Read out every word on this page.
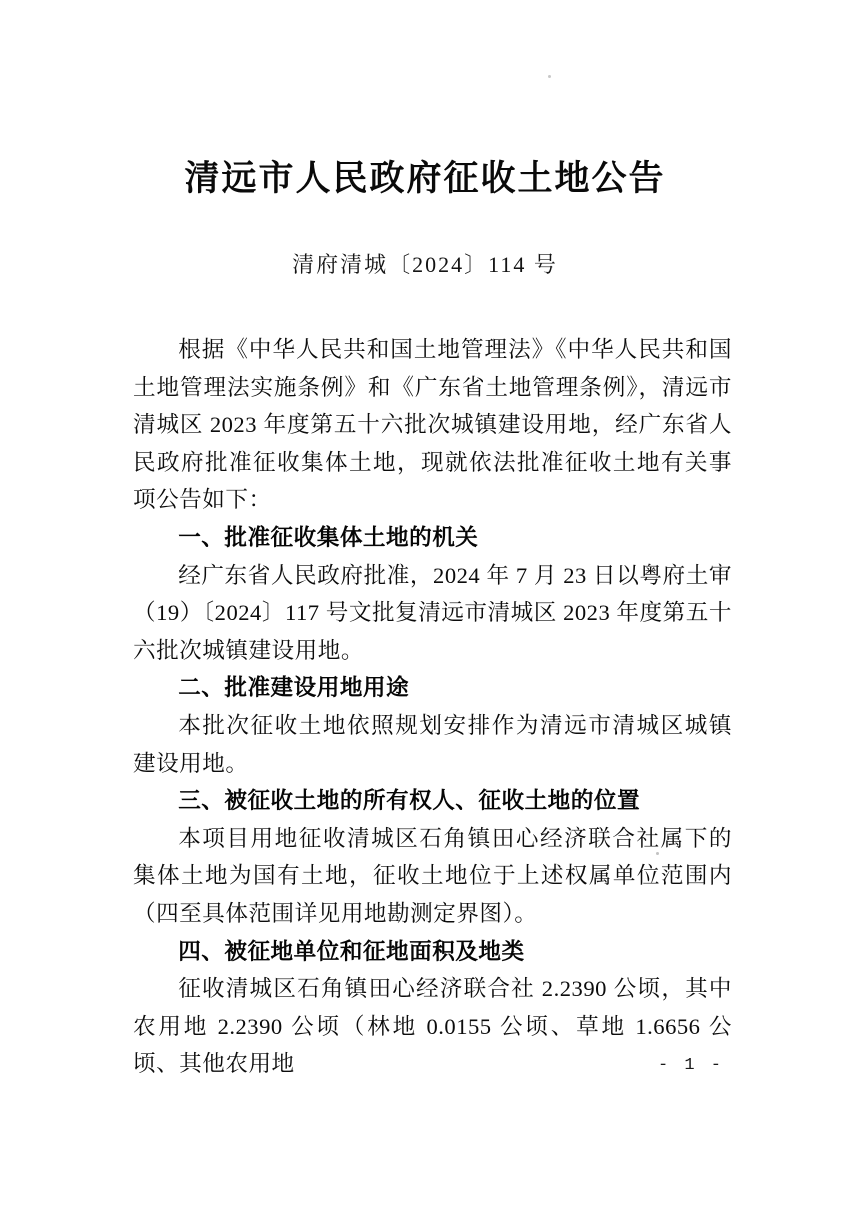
清远市人民政府征收土地公告
清府清城〔2024〕114 号

根据《中华人民共和国土地管理法》《中华人民共和国土地管理法实施条例》和《广东省土地管理条例》，清远市清城区 2023 年度第五十六批次城镇建设用地，经广东省人民政府批准征收集体土地，现就依法批准征收土地有关事项公告如下：

一、批准征收集体土地的机关

经广东省人民政府批准，2024 年 7 月 23 日以粤府土审（19）〔2024〕117 号文批复清远市清城区 2023 年度第五十六批次城镇建设用地。

二、批准建设用地用途

本批次征收土地依照规划安排作为清远市清城区城镇建设用地。

三、被征收土地的所有权人、征收土地的位置

本项目用地征收清城区石角镇田心经济联合社属下的集体土地为国有土地，征收土地位于上述权属单位范围内（四至具体范围详见用地勘测定界图）。

四、被征地单位和征地面积及地类

征收清城区石角镇田心经济联合社 2.2390 公顷，其中农用地 2.2390 公顷（林地 0.0155 公顷、草地 1.6656 公顷、其他农用地	- 1 -
